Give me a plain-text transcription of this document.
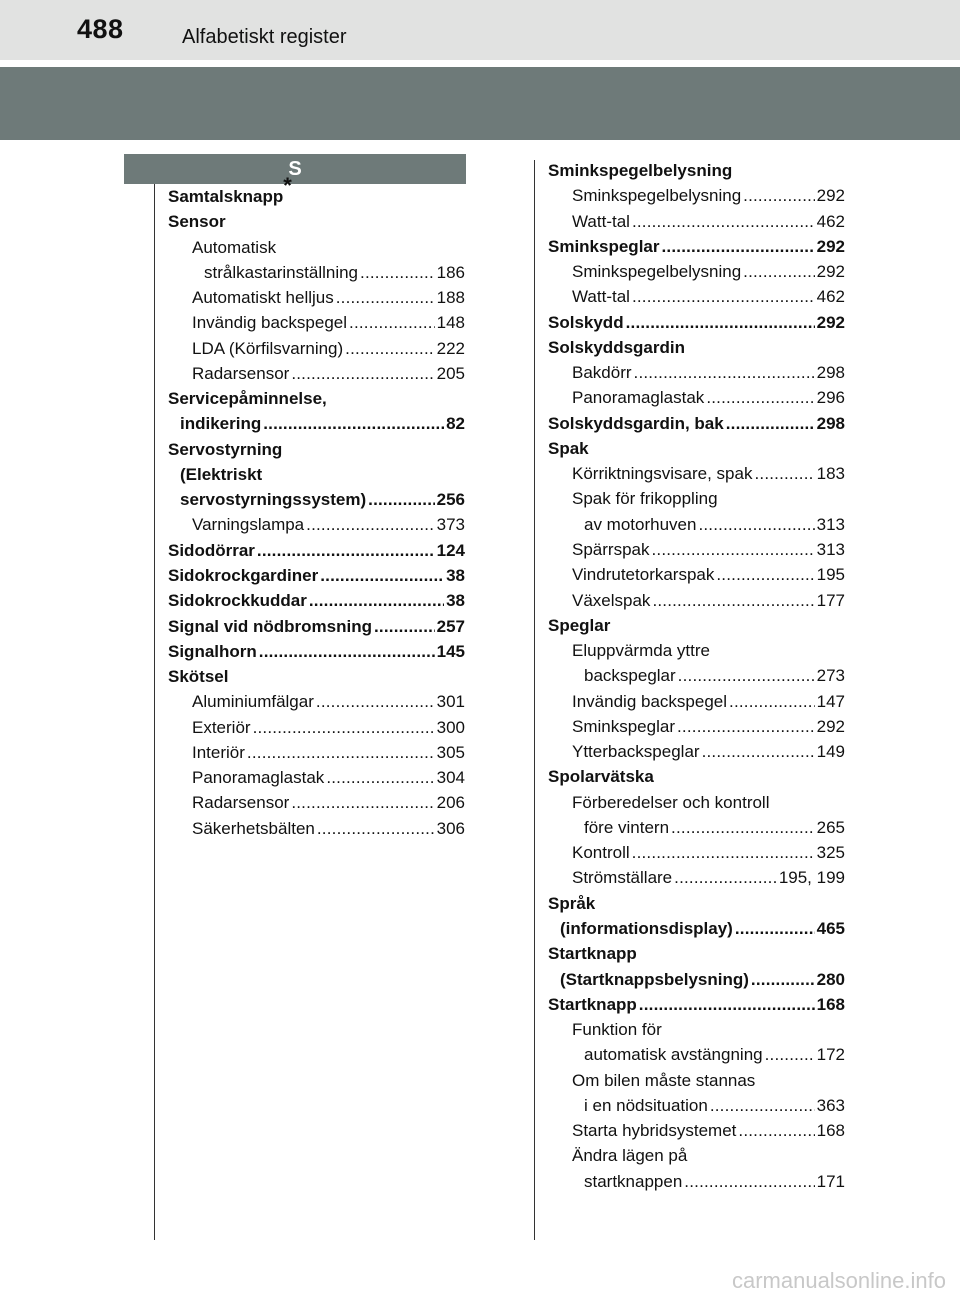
488	Alfabetiskt register
S
Samtalsknapp*
Sensor
Automatisk
strålkastarinställning .....	186
Automatiskt helljus .....	188
Invändig backspegel .....	148
LDA (Körfilsvarning) .....	222
Radarsensor .....	205
Servicepåminnelse,
indikering .....	82
Servostyrning
(Elektriskt
servostyrningssystem) .....	256
Varningslampa .....	373
Sidodörrar .....	124
Sidokrockgardiner .....	38
Sidokrockkuddar .....	38
Signal vid nödbromsning .....	257
Signalhorn .....	145
Skötsel
Aluminiumfälgar .....	301
Exteriör .....	300
Interiör .....	305
Panoramaglastak .....	304
Radarsensor .....	206
Säkerhetsbälten .....	306
Sminkspegelbelysning
Sminkspegelbelysning .....	292
Watt-tal .....	462
Sminkspeglar .....	292
Sminkspegelbelysning .....	292
Watt-tal .....	462
Solskydd .....	292
Solskyddsgardin
Bakdörr .....	298
Panoramaglastak .....	296
Solskyddsgardin, bak .....	298
Spak
Körriktningsvisare, spak .....	183
Spak för frikoppling
av motorhuven .....	313
Spärrspak .....	313
Vindrutetorkarspak .....	195
Växelspak .....	177
Speglar
Eluppvärmda yttre
backspeglar .....	273
Invändig backspegel .....	147
Sminkspeglar .....	292
Ytterbackspeglar .....	149
Spolarvätska
Förberedelser och kontroll
före vintern .....	265
Kontroll .....	325
Strömställare .....	195, 199
Språk
(informationsdisplay) .....	465
Startknapp
(Startknappsbelysning) .....	280
Startknapp .....	168
Funktion för
automatisk avstängning .....	172
Om bilen måste stannas
i en nödsituation .....	363
Starta hybridsystemet .....	168
Ändra lägen på
startknappen .....	171
carmanualsonline.info
